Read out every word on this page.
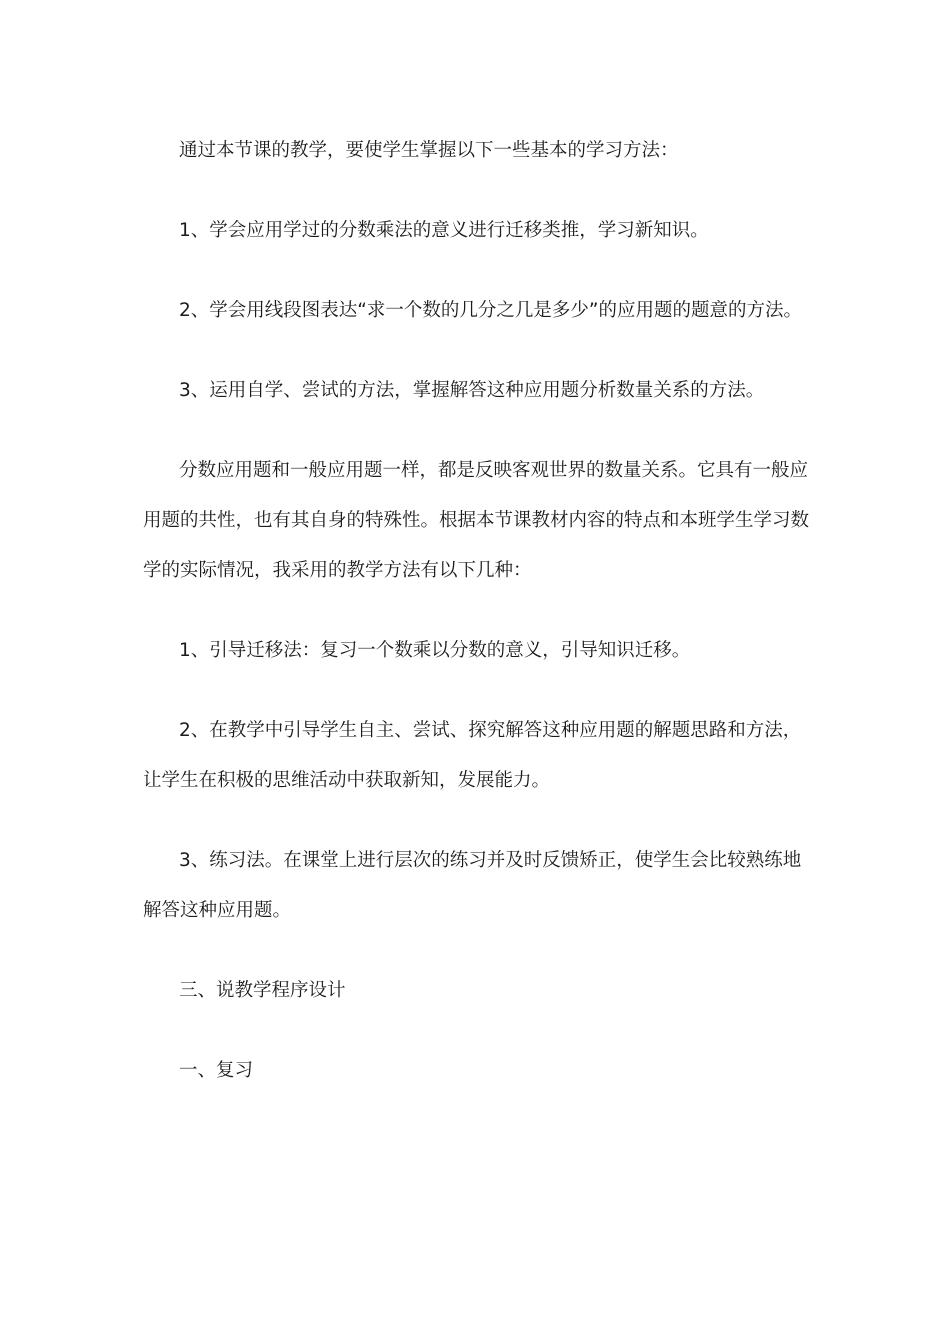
通过本节课的教学，要使学生掌握以下一些基本的学习方法：

1、学会应用学过的分数乘法的意义进行迁移类推，学习新知识。

2、学会用线段图表达“求一个数的几分之几是多少”的应用题的题意的方法。

3、运用自学、尝试的方法，掌握解答这种应用题分析数量关系的方法。

分数应用题和一般应用题一样，都是反映客观世界的数量关系。它具有一般应用题的共性，也有其自身的特殊性。根据本节课教材内容的特点和本班学生学习数学的实际情况，我采用的教学方法有以下几种：

1、引导迁移法：复习一个数乘以分数的意义，引导知识迁移。

2、在教学中引导学生自主、尝试、探究解答这种应用题的解题思路和方法，让学生在积极的思维活动中获取新知，发展能力。

3、练习法。在课堂上进行层次的练习并及时反馈矫正，使学生会比较熟练地解答这种应用题。

三、说教学程序设计

一、复习
